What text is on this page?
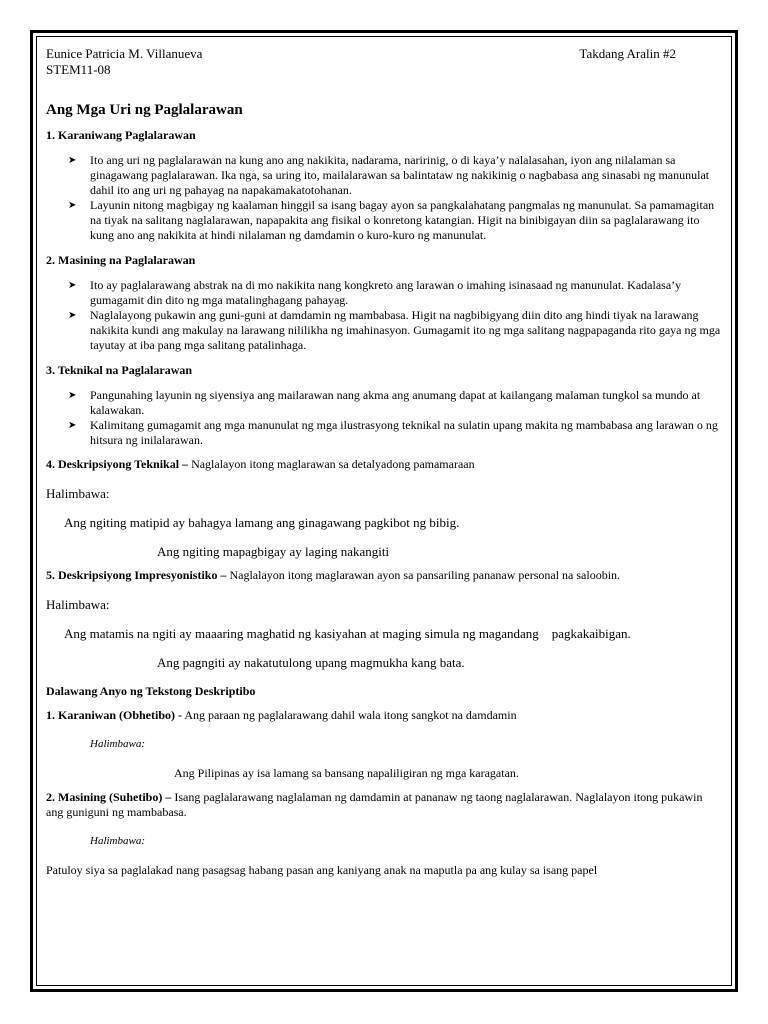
Eunice Patricia M. Villanueva
STEM11-08
Takdang Aralin #2
Ang Mga Uri ng Paglalarawan
1. Karaniwang Paglalarawan
➤ Ito ang uri ng paglalarawan na kung ano ang nakikita, nadarama, naririnig, o di kaya’y nalalasahan, iyon ang nilalaman sa ginagawang paglalarawan. Ika nga, sa uring ito, mailalarawan sa balintataw ng nakikinig o nagbabasa ang sinasabi ng manunulat dahil ito ang uri ng pahayag na napakamakatotohanan.
➤ Layunin nitong magbigay ng kaalaman hinggil sa isang bagay ayon sa pangkalahatang pangmalas ng manunulat. Sa pamamagitan na tiyak na salitang naglalarawan, napapakita ang fisikal o konretong katangian. Higit na binibigayan diin sa paglalarawang ito kung ano ang nakikita at hindi nilalaman ng damdamin o kuro-kuro ng manunulat.
2. Masining na Paglalarawan
➤ Ito ay paglalarawang abstrak na di mo nakikita nang kongkreto ang larawan o imahing isinasaad ng manunulat. Kadalasa’y gumagamit din dito ng mga matalinghagang pahayag.
➤ Naglalayong pukawin ang guni-guni at damdamin ng mambabasa. Higit na nagbibigyang diin dito ang hindi tiyak na larawang nakikita kundi ang makulay na larawang nililikha ng imahinasyon. Gumagamit ito ng mga salitang nagpapaganda rito gaya ng mga tayutay at iba pang mga salitang patalinhaga.
3. Teknikal na Paglalarawan
➤ Pangunahing layunin ng siyensiya ang mailarawan nang akma ang anumang dapat at kailangang malaman tungkol sa mundo at kalawakan.
➤ Kalimitang gumagamit ang mga manunulat ng mga ilustrasyong teknikal na sulatin upang makita ng mambabasa ang larawan o ng hitsura ng inilalarawan.
4. Deskripsiyong Teknikal – Naglalayon itong maglarawan sa detalyadong pamamaraan
Halimbawa:
Ang ngiting matipid ay bahagya lamang ang ginagawang pagkibot ng bibig.
Ang ngiting mapagbigay ay laging nakangiti
5. Deskripsiyong Impresyonistiko – Naglalayon itong maglarawan ayon sa pansariling pananaw personal na saloobin.
Halimbawa:
Ang matamis na ngiti ay maaaring maghatid ng kasiyahan at maging simula ng magandang    pagkakaibigan.
Ang pagngiti ay nakatutulong upang magmukha kang bata.
Dalawang Anyo ng Tekstong Deskriptibo
1. Karaniwan (Obhetibo) - Ang paraan ng paglalarawang dahil wala itong sangkot na damdamin
Halimbawa:
Ang Pilipinas ay isa lamang sa bansang napaliligiran ng mga karagatan.
2. Masining (Suhetibo) – Isang paglalarawang naglalaman ng damdamin at pananaw ng taong naglalarawan. Naglalayon itong pukawin ang guniguni ng mambabasa.
Halimbawa:
Patuloy siya sa paglalakad nang pasagsag habang pasan ang kaniyang anak na maputla pa ang kulay sa isang papel
